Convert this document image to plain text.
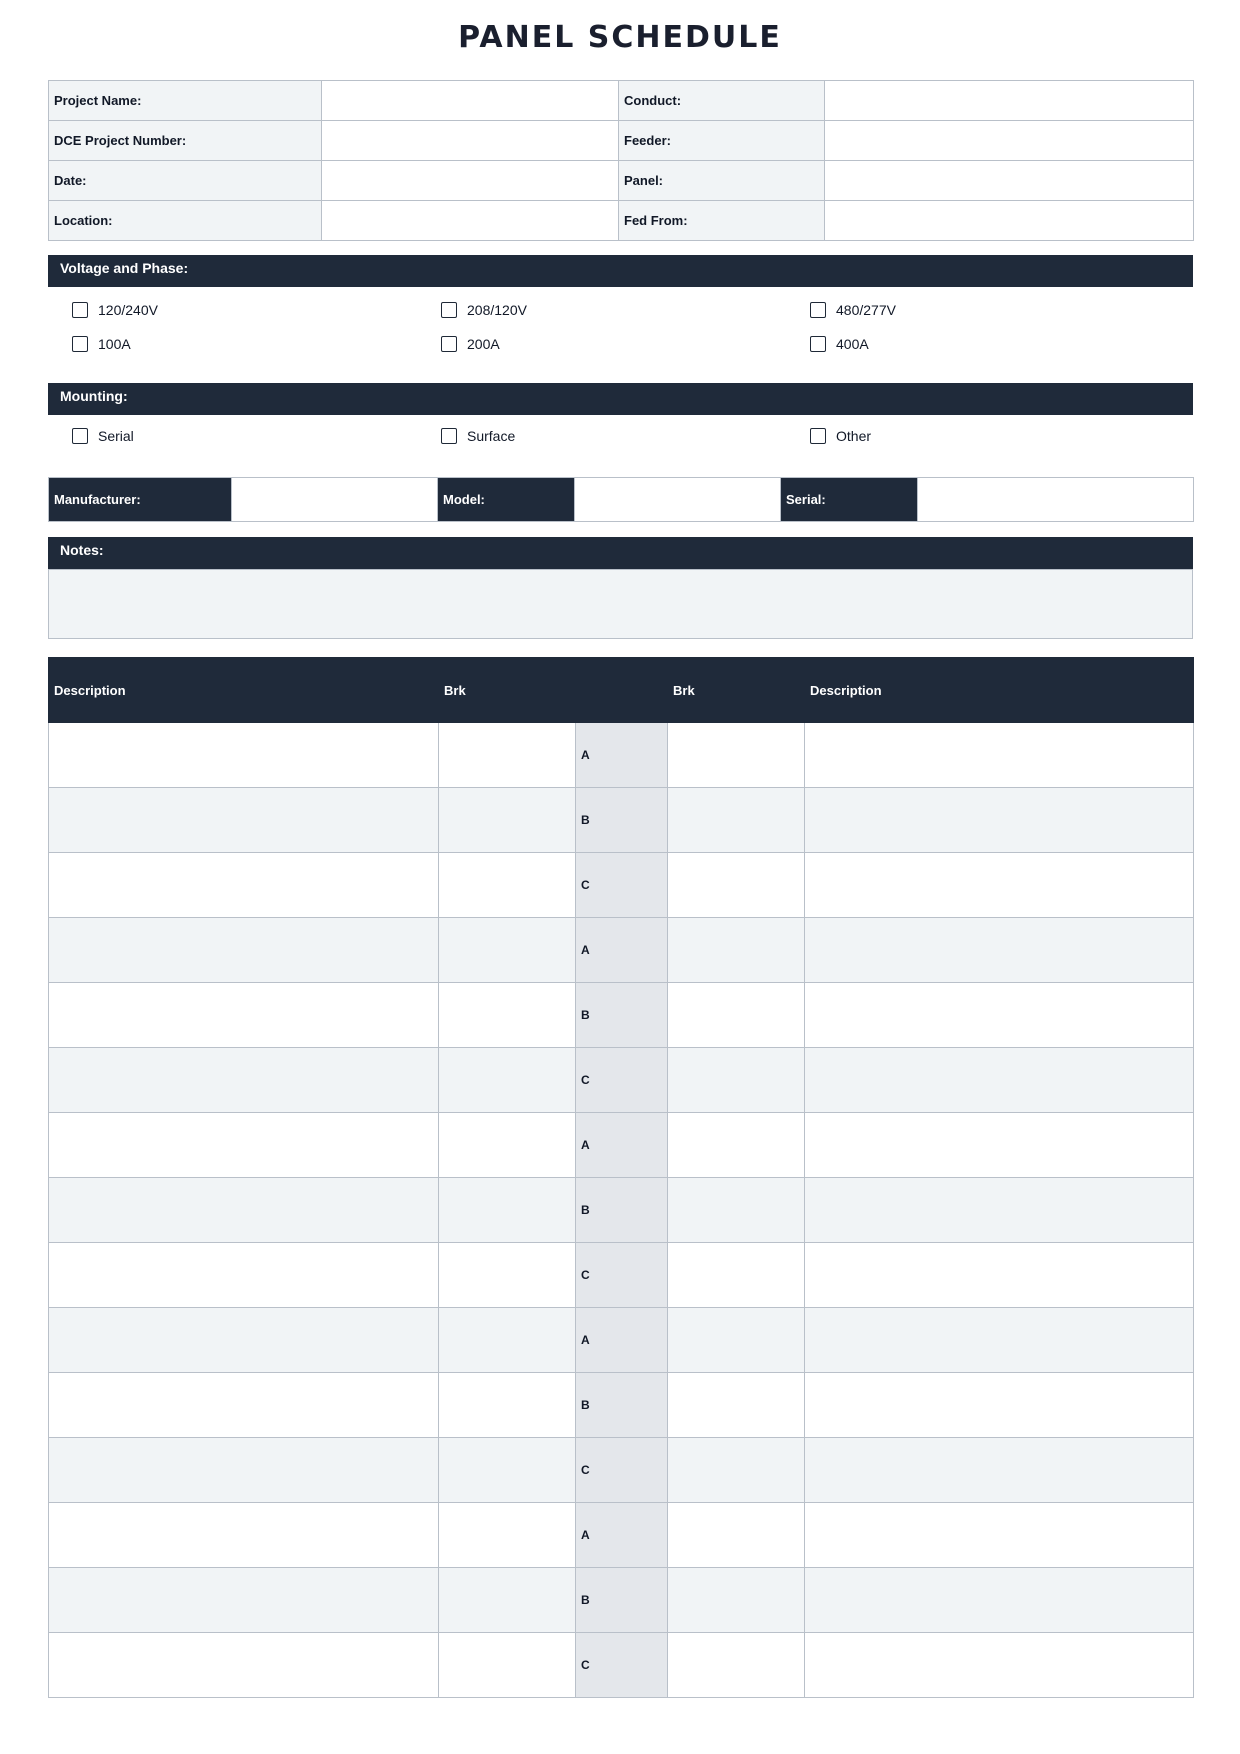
PANEL SCHEDULE
Project Name:		Conduct:	
DCE Project Number:		Feeder:	
Date:		Panel:	
Location:		Fed From:	
Voltage and Phase:
120/240V	208/120V	480/277V
100A	200A	400A
Mounting:
Serial	Surface	Other
Manufacturer:		Model:		Serial:	
Notes:
Description	Brk		Brk	Description
		A		
		B		
		C		
		A		
		B		
		C		
		A		
		B		
		C		
		A		
		B		
		C		
		A		
		B		
		C		
